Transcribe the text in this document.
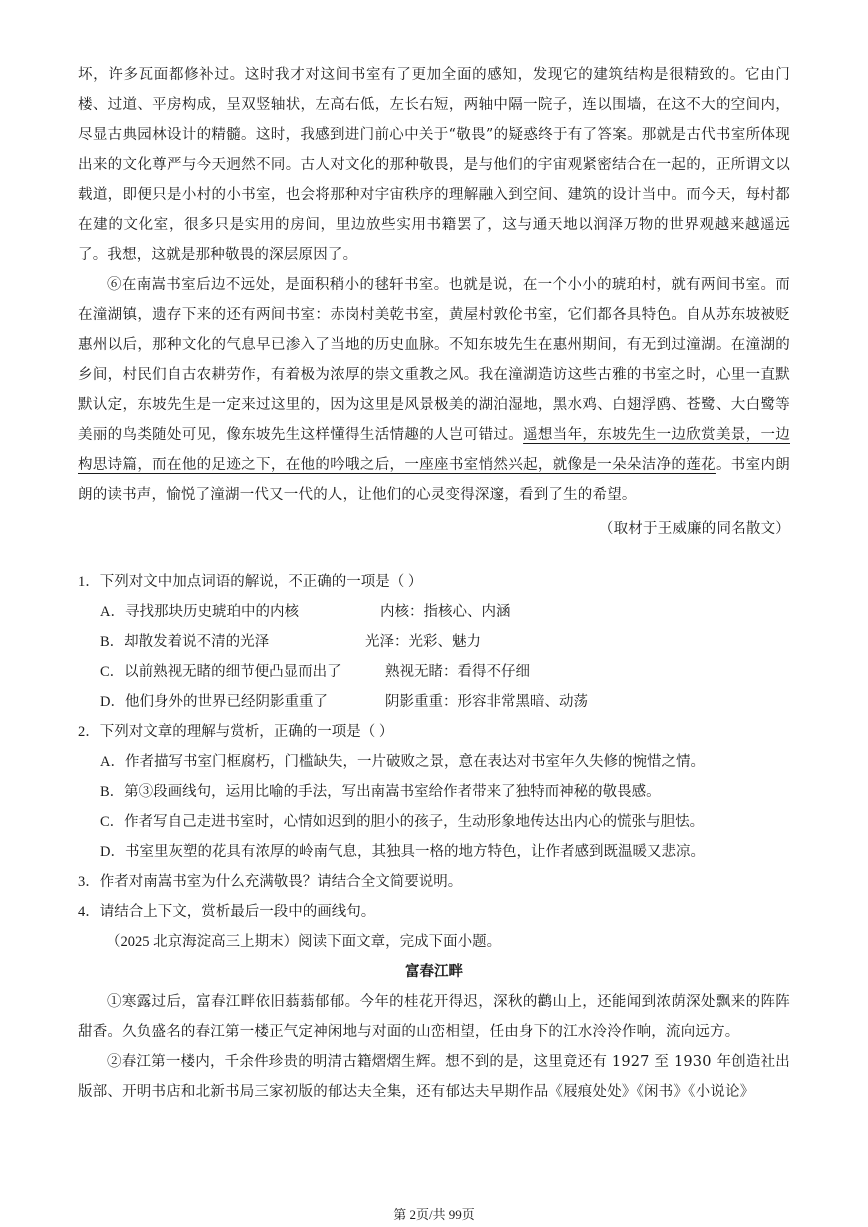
坏，许多瓦面都修补过。这时我才对这间书室有了更加全面的感知，发现它的建筑结构是很精致的。它由门楼、过道、平房构成，呈双竖轴状，左高右低，左长右短，两轴中隔一院子，连以围墙，在这不大的空间内，尽显古典园林设计的精髓。这时，我感到进门前心中关于“敬畏”的疑惑终于有了答案。那就是古代书室所体现出来的文化尊严与今天迥然不同。古人对文化的那种敬畏，是与他们的宇宙观紧密结合在一起的，正所谓文以载道，即便只是小村的小书室，也会将那种对宇宙秩序的理解融入到空间、建筑的设计当中。而今天，每村都在建的文化室，很多只是实用的房间，里边放些实用书籍罢了，这与通天地以润泽万物的世界观越来越遥远了。我想，这就是那种敬畏的深层原因了。

⑥在南嵩书室后边不远处，是面积稍小的毬轩书室。也就是说，在一个小小的琥珀村，就有两间书室。而在潼湖镇，遗存下来的还有两间书室：赤岗村美乾书室，黄屋村敦伦书室，它们都各具特色。自从苏东坡被贬惠州以后，那种文化的气息早已渗入了当地的历史血脉。不知东坡先生在惠州期间，有无到过潼湖。在潼湖的乡间，村民们自古农耕劳作，有着极为浓厚的崇文重教之风。我在潼湖造访这些古雅的书室之时，心里一直默默认定，东坡先生是一定来过这里的，因为这里是风景极美的湖泊湿地，黑水鸡、白翅浮鸥、苍鹭、大白鹭等美丽的鸟类随处可见，像东坡先生这样懂得生活情趣的人岂可错过。遥想当年，东坡先生一边欣赏美景，一边构思诗篇，而在他的足迹之下，在他的吟哦之后，一座座书室悄然兴起，就像是一朵朵洁净的莲花。书室内朗朗的读书声，愉悦了潼湖一代又一代的人，让他们的心灵变得深邃，看到了生的希望。

（取材于王威廉的同名散文）

1．下列对文中加点词语的解说，不正确的一项是（ ）

A．寻找那块历史琥珀中的内核	内核：指核心、内涵

B．却散发着说不清的光泽	光泽：光彩、魅力

C．以前熟视无睹的细节便凸显而出了	熟视无睹：看得不仔细

D．他们身外的世界已经阴影重重了	阴影重重：形容非常黑暗、动荡

2．下列对文章的理解与赏析，正确的一项是（ ）

A．作者描写书室门框腐朽，门槛缺失，一片破败之景，意在表达对书室年久失修的惋惜之情。

B．第③段画线句，运用比喻的手法，写出南嵩书室给作者带来了独特而神秘的敬畏感。

C．作者写自己走进书室时，心情如迟到的胆小的孩子，生动形象地传达出内心的慌张与胆怯。

D．书室里灰塑的花具有浓厚的岭南气息，其独具一格的地方特色，让作者感到既温暖又悲凉。

3．作者对南嵩书室为什么充满敬畏？请结合全文简要说明。

4．请结合上下文，赏析最后一段中的画线句。

（2025 北京海淀高三上期末）阅读下面文章，完成下面小题。

富春江畔

①寒露过后，富春江畔依旧蓊蓊郁郁。今年的桂花开得迟，深秋的鹳山上，还能闻到浓荫深处飘来的阵阵甜香。久负盛名的春江第一楼正气定神闲地与对面的山峦相望，任由身下的江水泠泠作响，流向远方。

②春江第一楼内，千余件珍贵的明清古籍熠熠生辉。想不到的是，这里竟还有 1927 至 1930 年创造社出版部、开明书店和北新书局三家初版的郁达夫全集，还有郁达夫早期作品《屐痕处处》《闲书》《小说论》

第 2页/共 99页
